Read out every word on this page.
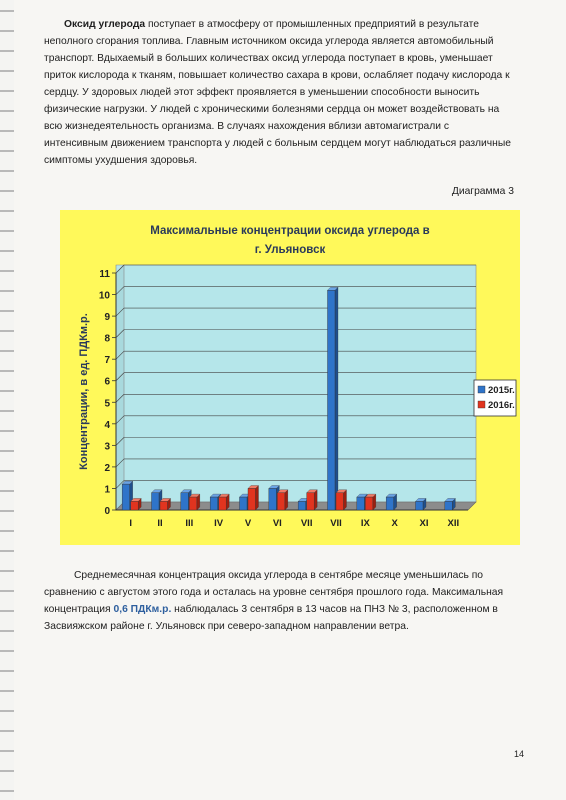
Оксид углерода поступает в атмосферу от промышленных предприятий в результате неполного сгорания топлива. Главным источником оксида углерода является автомобильный транспорт. Вдыхаемый в больших количествах оксид углерода поступает в кровь, уменьшает приток кислорода к тканям, повышает количество сахара в крови, ослабляет подачу кислорода к сердцу. У здоровых людей этот эффект проявляется в уменьшении способности выносить физические нагрузки. У людей с хроническими болезнями сердца он может воздействовать на всю жизнедеятельность организма. В случаях нахождения вблизи автомагистрали с интенсивным движением транспорта у людей с больным сердцем могут наблюдаться различные симптомы ухудшения здоровья.

Диаграмма 3

Максимальные концентрации оксида углерода в
г. Ульяновск
0
1
2
3
4
5
6
7
8
9
10
11
Концентрации, в ед. ПДКм.р.
I	II III IV V VI VII VII IX X XI XII
2015г.
2016г.

Среднемесячная концентрация оксида углерода в сентябре месяце уменьшилась по сравнению с августом этого года и осталась на уровне сентября прошлого года. Максимальная концентрация 0,6 ПДКм.р. наблюдалась 3 сентября в 13 часов на ПНЗ № 3, расположенном в Засвияжском районе г. Ульяновск при северо-западном направлении ветра.

14
